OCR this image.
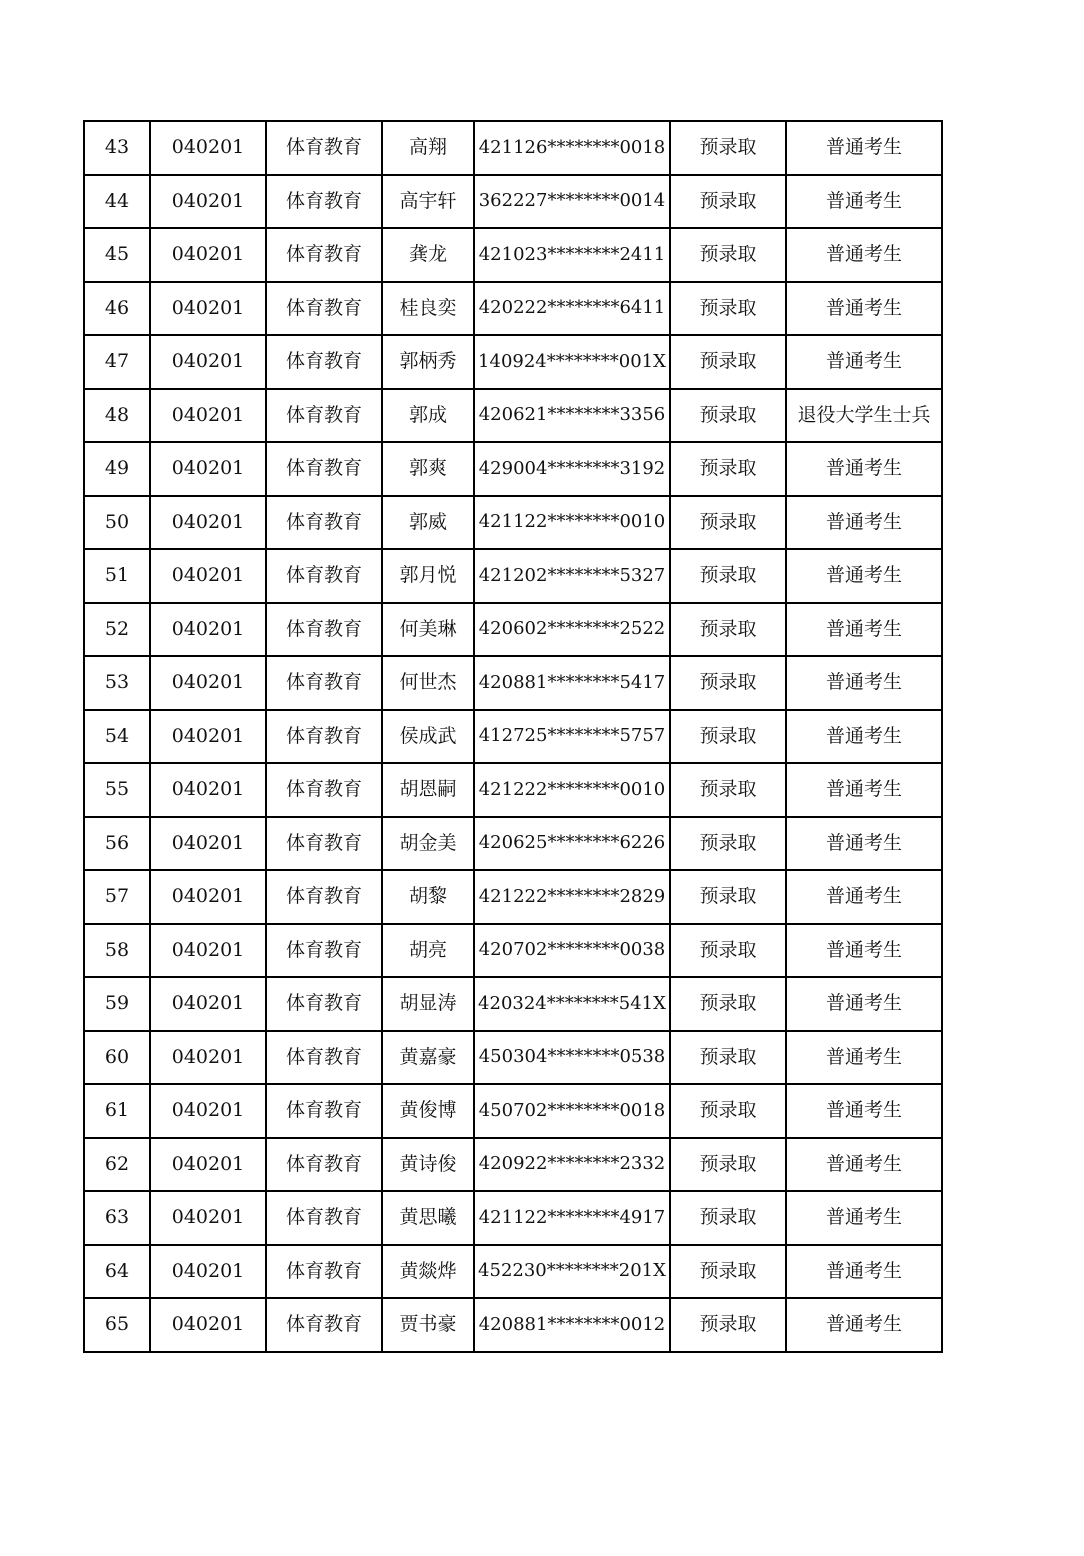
43	040201	体育教育	高翔	421126********0018	预录取	普通考生
44	040201	体育教育	高宇轩	362227********0014	预录取	普通考生
45	040201	体育教育	龚龙	421023********2411	预录取	普通考生
46	040201	体育教育	桂良奕	420222********6411	预录取	普通考生
47	040201	体育教育	郭柄秀	140924********001X	预录取	普通考生
48	040201	体育教育	郭成	420621********3356	预录取	退役大学生士兵
49	040201	体育教育	郭爽	429004********3192	预录取	普通考生
50	040201	体育教育	郭威	421122********0010	预录取	普通考生
51	040201	体育教育	郭月悦	421202********5327	预录取	普通考生
52	040201	体育教育	何美琳	420602********2522	预录取	普通考生
53	040201	体育教育	何世杰	420881********5417	预录取	普通考生
54	040201	体育教育	侯成武	412725********5757	预录取	普通考生
55	040201	体育教育	胡恩嗣	421222********0010	预录取	普通考生
56	040201	体育教育	胡金美	420625********6226	预录取	普通考生
57	040201	体育教育	胡黎	421222********2829	预录取	普通考生
58	040201	体育教育	胡亮	420702********0038	预录取	普通考生
59	040201	体育教育	胡显涛	420324********541X	预录取	普通考生
60	040201	体育教育	黄嘉豪	450304********0538	预录取	普通考生
61	040201	体育教育	黄俊博	450702********0018	预录取	普通考生
62	040201	体育教育	黄诗俊	420922********2332	预录取	普通考生
63	040201	体育教育	黄思曦	421122********4917	预录取	普通考生
64	040201	体育教育	黄燚烨	452230********201X	预录取	普通考生
65	040201	体育教育	贾书豪	420881********0012	预录取	普通考生
